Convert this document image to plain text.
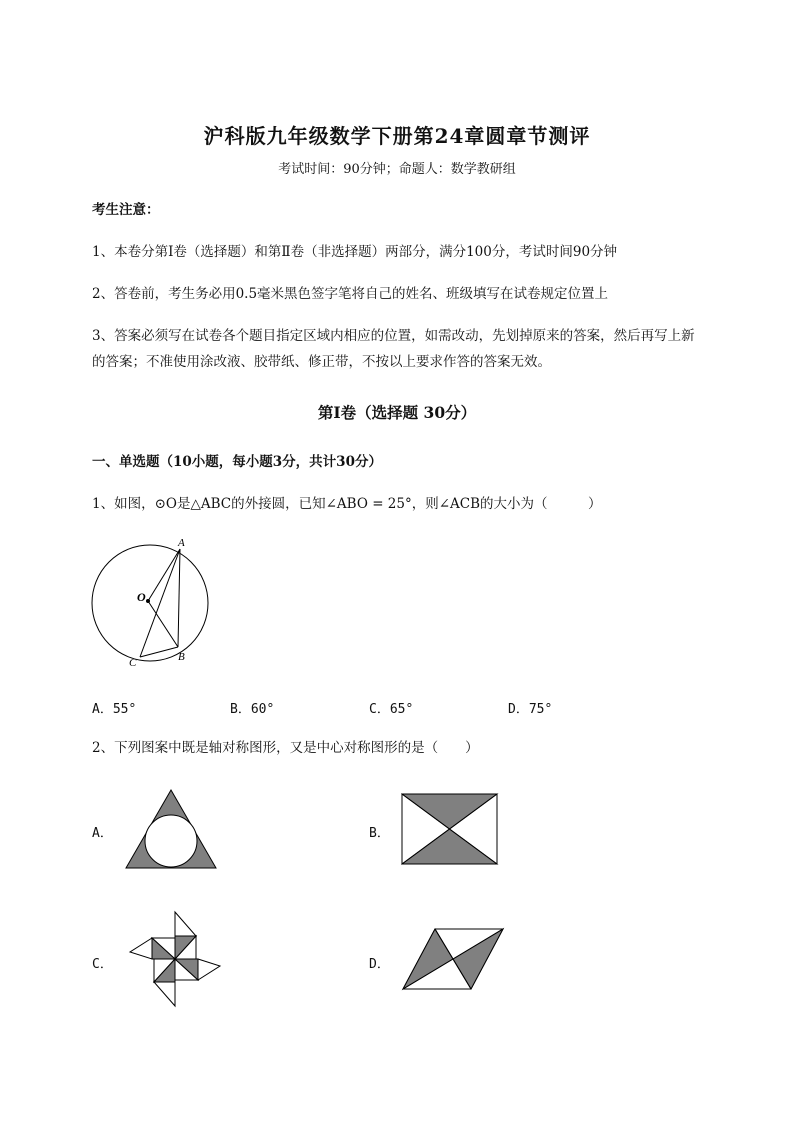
沪科版九年级数学下册第24章圆章节测评
考试时间：90分钟；命题人：数学教研组
考生注意：
1、本卷分第I卷（选择题）和第Ⅱ卷（非选择题）两部分，满分100分，考试时间90分钟
2、答卷前，考生务必用0.5毫米黑色签字笔将自己的姓名、班级填写在试卷规定位置上
3、答案必须写在试卷各个题目指定区域内相应的位置，如需改动，先划掉原来的答案，然后再写上新
的答案；不准使用涂改液、胶带纸、修正带，不按以上要求作答的答案无效。
第I卷（选择题 30分）
一、单选题（10小题，每小题3分，共计30分）
1、如图，⊙O是△ABC的外接圆，已知∠ABO = 25°，则∠ACB的大小为（　　　）
A
O
B
C
A．55°	B．60°	C．65°	D．75°
2、下列图案中既是轴对称图形，又是中心对称图形的是（　　）
A．	B．
C．	D．
